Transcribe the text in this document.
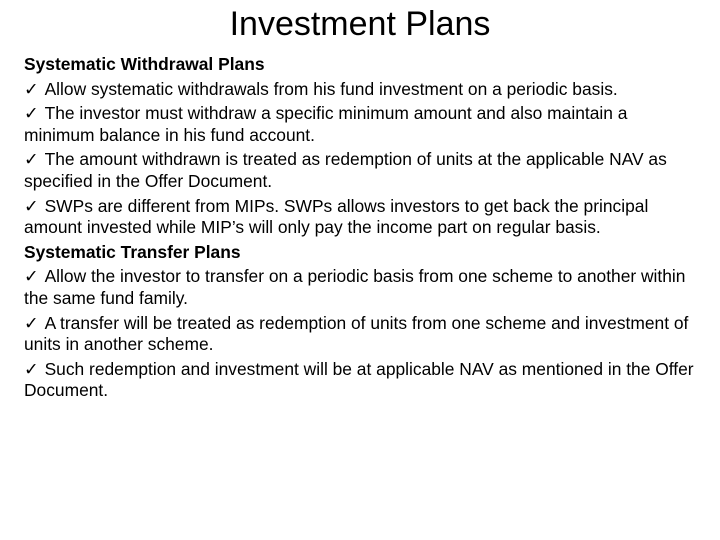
Investment Plans
Systematic Withdrawal Plans
✓ Allow systematic withdrawals from his fund investment on a periodic basis.
✓ The investor must withdraw a specific minimum amount and also maintain a minimum balance in his fund account.
✓ The amount withdrawn is treated as redemption of units at the applicable NAV as specified in the Offer Document.
✓ SWPs are different from MIPs. SWPs allows investors to get back the principal amount invested while MIP’s will only pay the income part on regular basis.
Systematic Transfer Plans
✓ Allow the investor to transfer on a periodic basis from one scheme to another within the same fund family.
✓ A transfer will be treated as redemption of units from one scheme and investment of units in another scheme.
✓ Such redemption and investment will be at applicable NAV as mentioned in the Offer Document.
